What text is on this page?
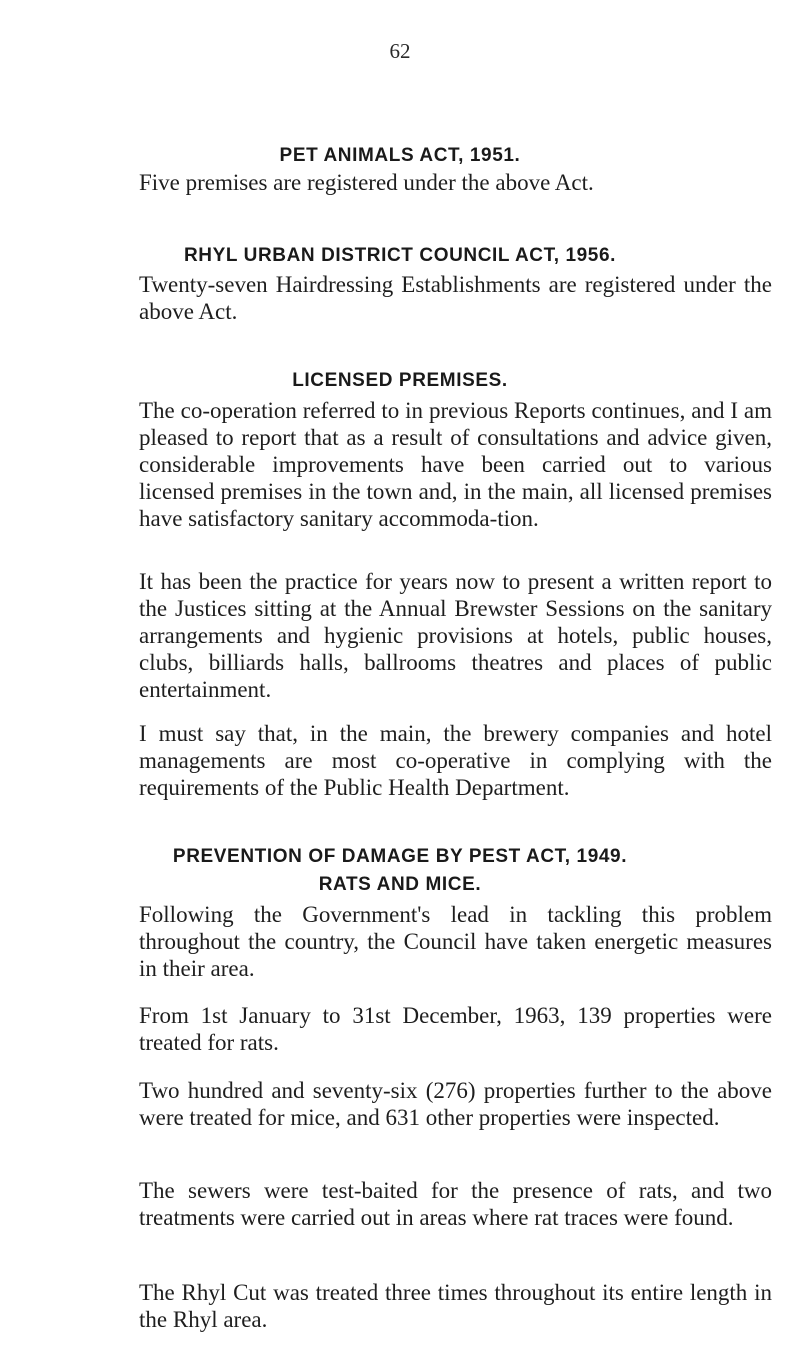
62
PET ANIMALS ACT, 1951.
Five premises are registered under the above Act.
RHYL URBAN DISTRICT COUNCIL ACT, 1956.
Twenty-seven Hairdressing Establishments are registered under the above Act.
LICENSED PREMISES.
The co-operation referred to in previous Reports continues, and I am pleased to report that as a result of consultations and advice given, considerable improvements have been carried out to various licensed premises in the town and, in the main, all licensed premises have satisfactory sanitary accommoda-tion.
It has been the practice for years now to present a written report to the Justices sitting at the Annual Brewster Sessions on the sanitary arrangements and hygienic provisions at hotels, public houses, clubs, billiards halls, ballrooms theatres and places of public entertainment.
I must say that, in the main, the brewery companies and hotel managements are most co-operative in complying with the requirements of the Public Health Department.
PREVENTION OF DAMAGE BY PEST ACT, 1949.
RATS AND MICE.
Following the Government's lead in tackling this problem throughout the country, the Council have taken energetic measures in their area.
From 1st January to 31st December, 1963, 139 properties were treated for rats.
Two hundred and seventy-six (276) properties further to the above were treated for mice, and 631 other properties were inspected.
The sewers were test-baited for the presence of rats, and two treatments were carried out in areas where rat traces were found.
The Rhyl Cut was treated three times throughout its entire length in the Rhyl area.
